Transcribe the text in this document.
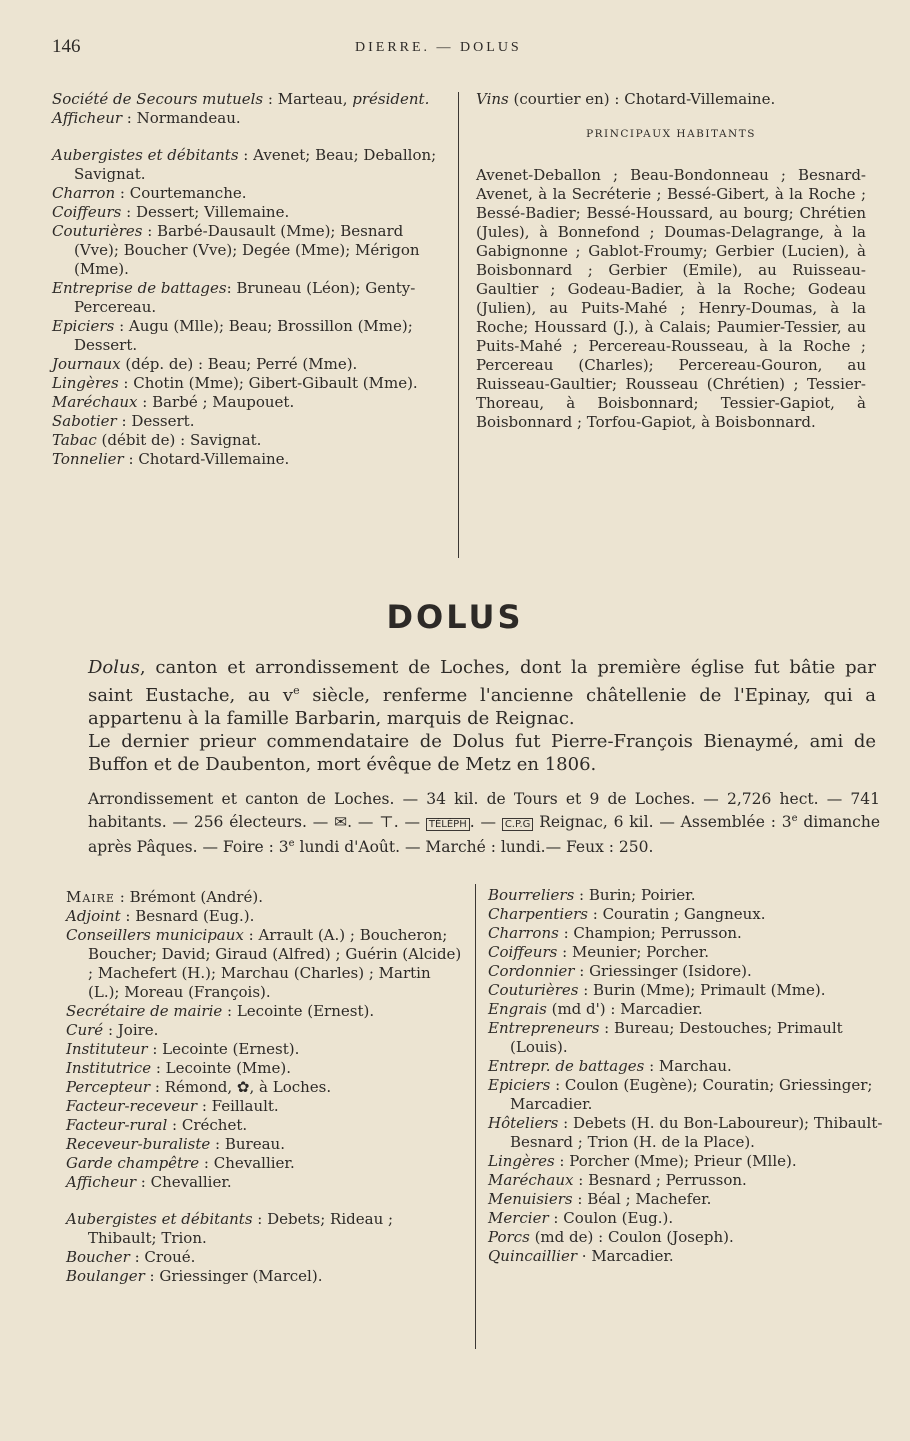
146	DIERRE. — DOLUS

Société de Secours mutuels : Marteau, président.

Afficheur : Normandeau.

Aubergistes et débitants : Avenet; Beau; Deballon; Savignat.

Charron : Courtemanche.

Coiffeurs : Dessert; Villemaine.

Couturières : Barbé-Dausault (Mme); Besnard (Vve); Boucher (Vve); Degée (Mme); Mérigon (Mme).

Entreprise de battages: Bruneau (Léon); Genty-Percereau.

Epiciers : Augu (Mlle); Beau; Brossillon (Mme); Dessert.

Journaux (dép. de) : Beau; Perré (Mme).

Lingères : Chotin (Mme); Gibert-Gibault (Mme).

Maréchaux : Barbé ; Maupouet.

Sabotier : Dessert.

Tabac (débit de) : Savignat.

Tonnelier : Chotard-Villemaine.

Vins (courtier en) : Chotard-Villemaine.

PRINCIPAUX HABITANTS

Avenet-Deballon ; Beau-Bondonneau ; Besnard-Avenet, à la Secréterie ; Bessé-Gibert, à la Roche ; Bessé-Badier; Bessé-Houssard, au bourg; Chrétien (Jules), à Bonnefond ; Doumas-Delagrange, à la Gabignonne ; Gablot-Froumy; Gerbier (Lucien), à Boisbonnard ; Gerbier (Emile), au Ruisseau-Gaultier ; Godeau-Badier, à la Roche; Godeau (Julien), au Puits-Mahé ; Henry-Doumas, à la Roche; Houssard (J.), à Calais; Paumier-Tessier, au Puits-Mahé ; Percereau-Rousseau, à la Roche ; Percereau (Charles); Percereau-Gouron, au Ruisseau-Gaultier; Rousseau (Chrétien) ; Tessier-Thoreau, à Boisbonnard; Tessier-Gapiot, à Boisbonnard ; Torfou-Gapiot, à Boisbonnard.

DOLUS

Dolus, canton et arrondissement de Loches, dont la première église fut bâtie par saint Eustache, au $v^e$ siècle, renferme l'ancienne châtellenie de l'Epinay, qui a appartenu à la famille Barbarin, marquis de Reignac.

Le dernier prieur commendataire de Dolus fut Pierre-François Bienaymé, ami de Buffon et de Daubenton, mort évêque de Metz en 1806.

Arrondissement et canton de Loches. — 34 kil. de Tours et 9 de Loches. — 2,726 hect. — 741 habitants. — 256 électeurs. — ✉. — ⊤. — TÉLÉPH . — C.P.G Reignac, 6 kil. — Assemblée : 3e dimanche après Pâques. — Foire : 3e lundi d'Août. — Marché : lundi.— Feux : 250.

Maire : Brémont (André).

Adjoint : Besnard (Eug.).

Conseillers municipaux : Arrault (A.) ; Boucheron; Boucher; David; Giraud (Alfred) ; Guérin (Alcide) ; Machefert (H.); Marchau (Charles) ; Martin (L.); Moreau (François).

Secrétaire de mairie : Lecointe (Ernest).

Curé : Joire.

Instituteur : Lecointe (Ernest).

Institutrice : Lecointe (Mme).

Percepteur : Rémond, ✿, à Loches.

Facteur-receveur : Feillault.

Facteur-rural : Créchet.

Receveur-buraliste : Bureau.

Garde champêtre : Chevallier.

Afficheur : Chevallier.

Aubergistes et débitants : Debets; Rideau ; Thibault; Trion.

Boucher : Croué.

Boulanger : Griessinger (Marcel).

Bourreliers : Burin; Poirier.

Charpentiers : Couratin ; Gangneux.

Charrons : Champion; Perrusson.

Coiffeurs : Meunier; Porcher.

Cordonnier : Griessinger (Isidore).

Couturières : Burin (Mme); Primault (Mme).

Engrais (md d') : Marcadier.

Entrepreneurs : Bureau; Destouches; Primault (Louis).

Entrepr. de battages : Marchau.

Epiciers : Coulon (Eugène); Couratin; Griessinger; Marcadier.

Hôteliers : Debets (H. du Bon-Laboureur); Thibault-Besnard ; Trion (H. de la Place).

Lingères : Porcher (Mme); Prieur (Mlle).

Maréchaux : Besnard ; Perrusson.

Menuisiers : Béal ; Machefer.

Mercier : Coulon (Eug.).

Porcs (md de) : Coulon (Joseph).

Quincaillier · Marcadier.
